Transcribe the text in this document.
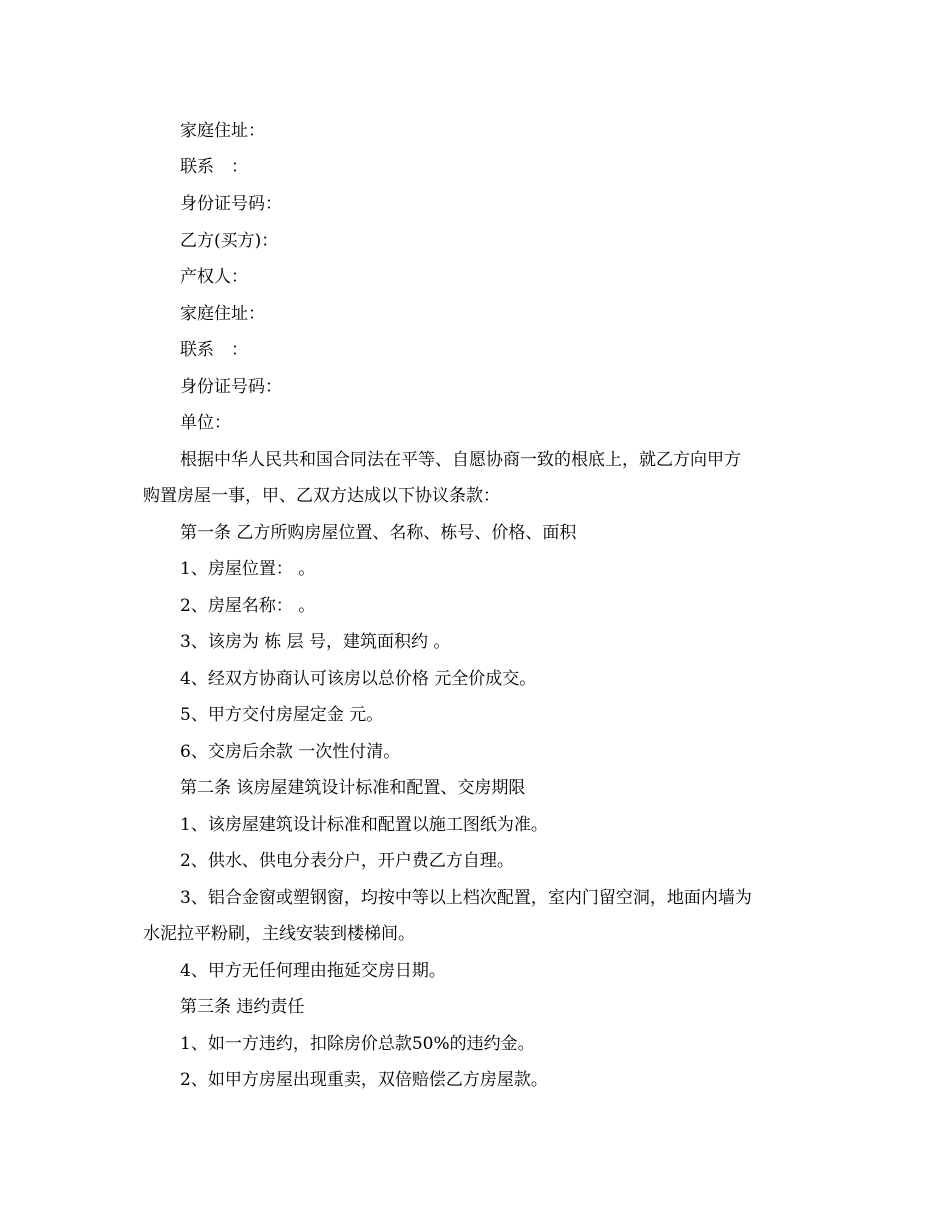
家庭住址：
联系　：
身份证号码：
乙方(买方)：
产权人：
家庭住址：
联系　：
身份证号码：
单位：
根据中华人民共和国合同法在平等、自愿协商一致的根底上，就乙方向甲方
购置房屋一事，甲、乙双方达成以下协议条款：
第一条 乙方所购房屋位置、名称、栋号、价格、面积
1、房屋位置： 。
2、房屋名称： 。
3、该房为 栋 层 号，建筑面积约 。
4、经双方协商认可该房以总价格 元全价成交。
5、甲方交付房屋定金 元。
6、交房后余款 一次性付清。
第二条 该房屋建筑设计标准和配置、交房期限
1、该房屋建筑设计标准和配置以施工图纸为准。
2、供水、供电分表分户，开户费乙方自理。
3、铝合金窗或塑钢窗，均按中等以上档次配置，室内门留空洞，地面内墙为
水泥拉平粉刷，主线安装到楼梯间。
4、甲方无任何理由拖延交房日期。
第三条 违约责任
1、如一方违约，扣除房价总款50%的违约金。
2、如甲方房屋出现重卖，双倍赔偿乙方房屋款。
